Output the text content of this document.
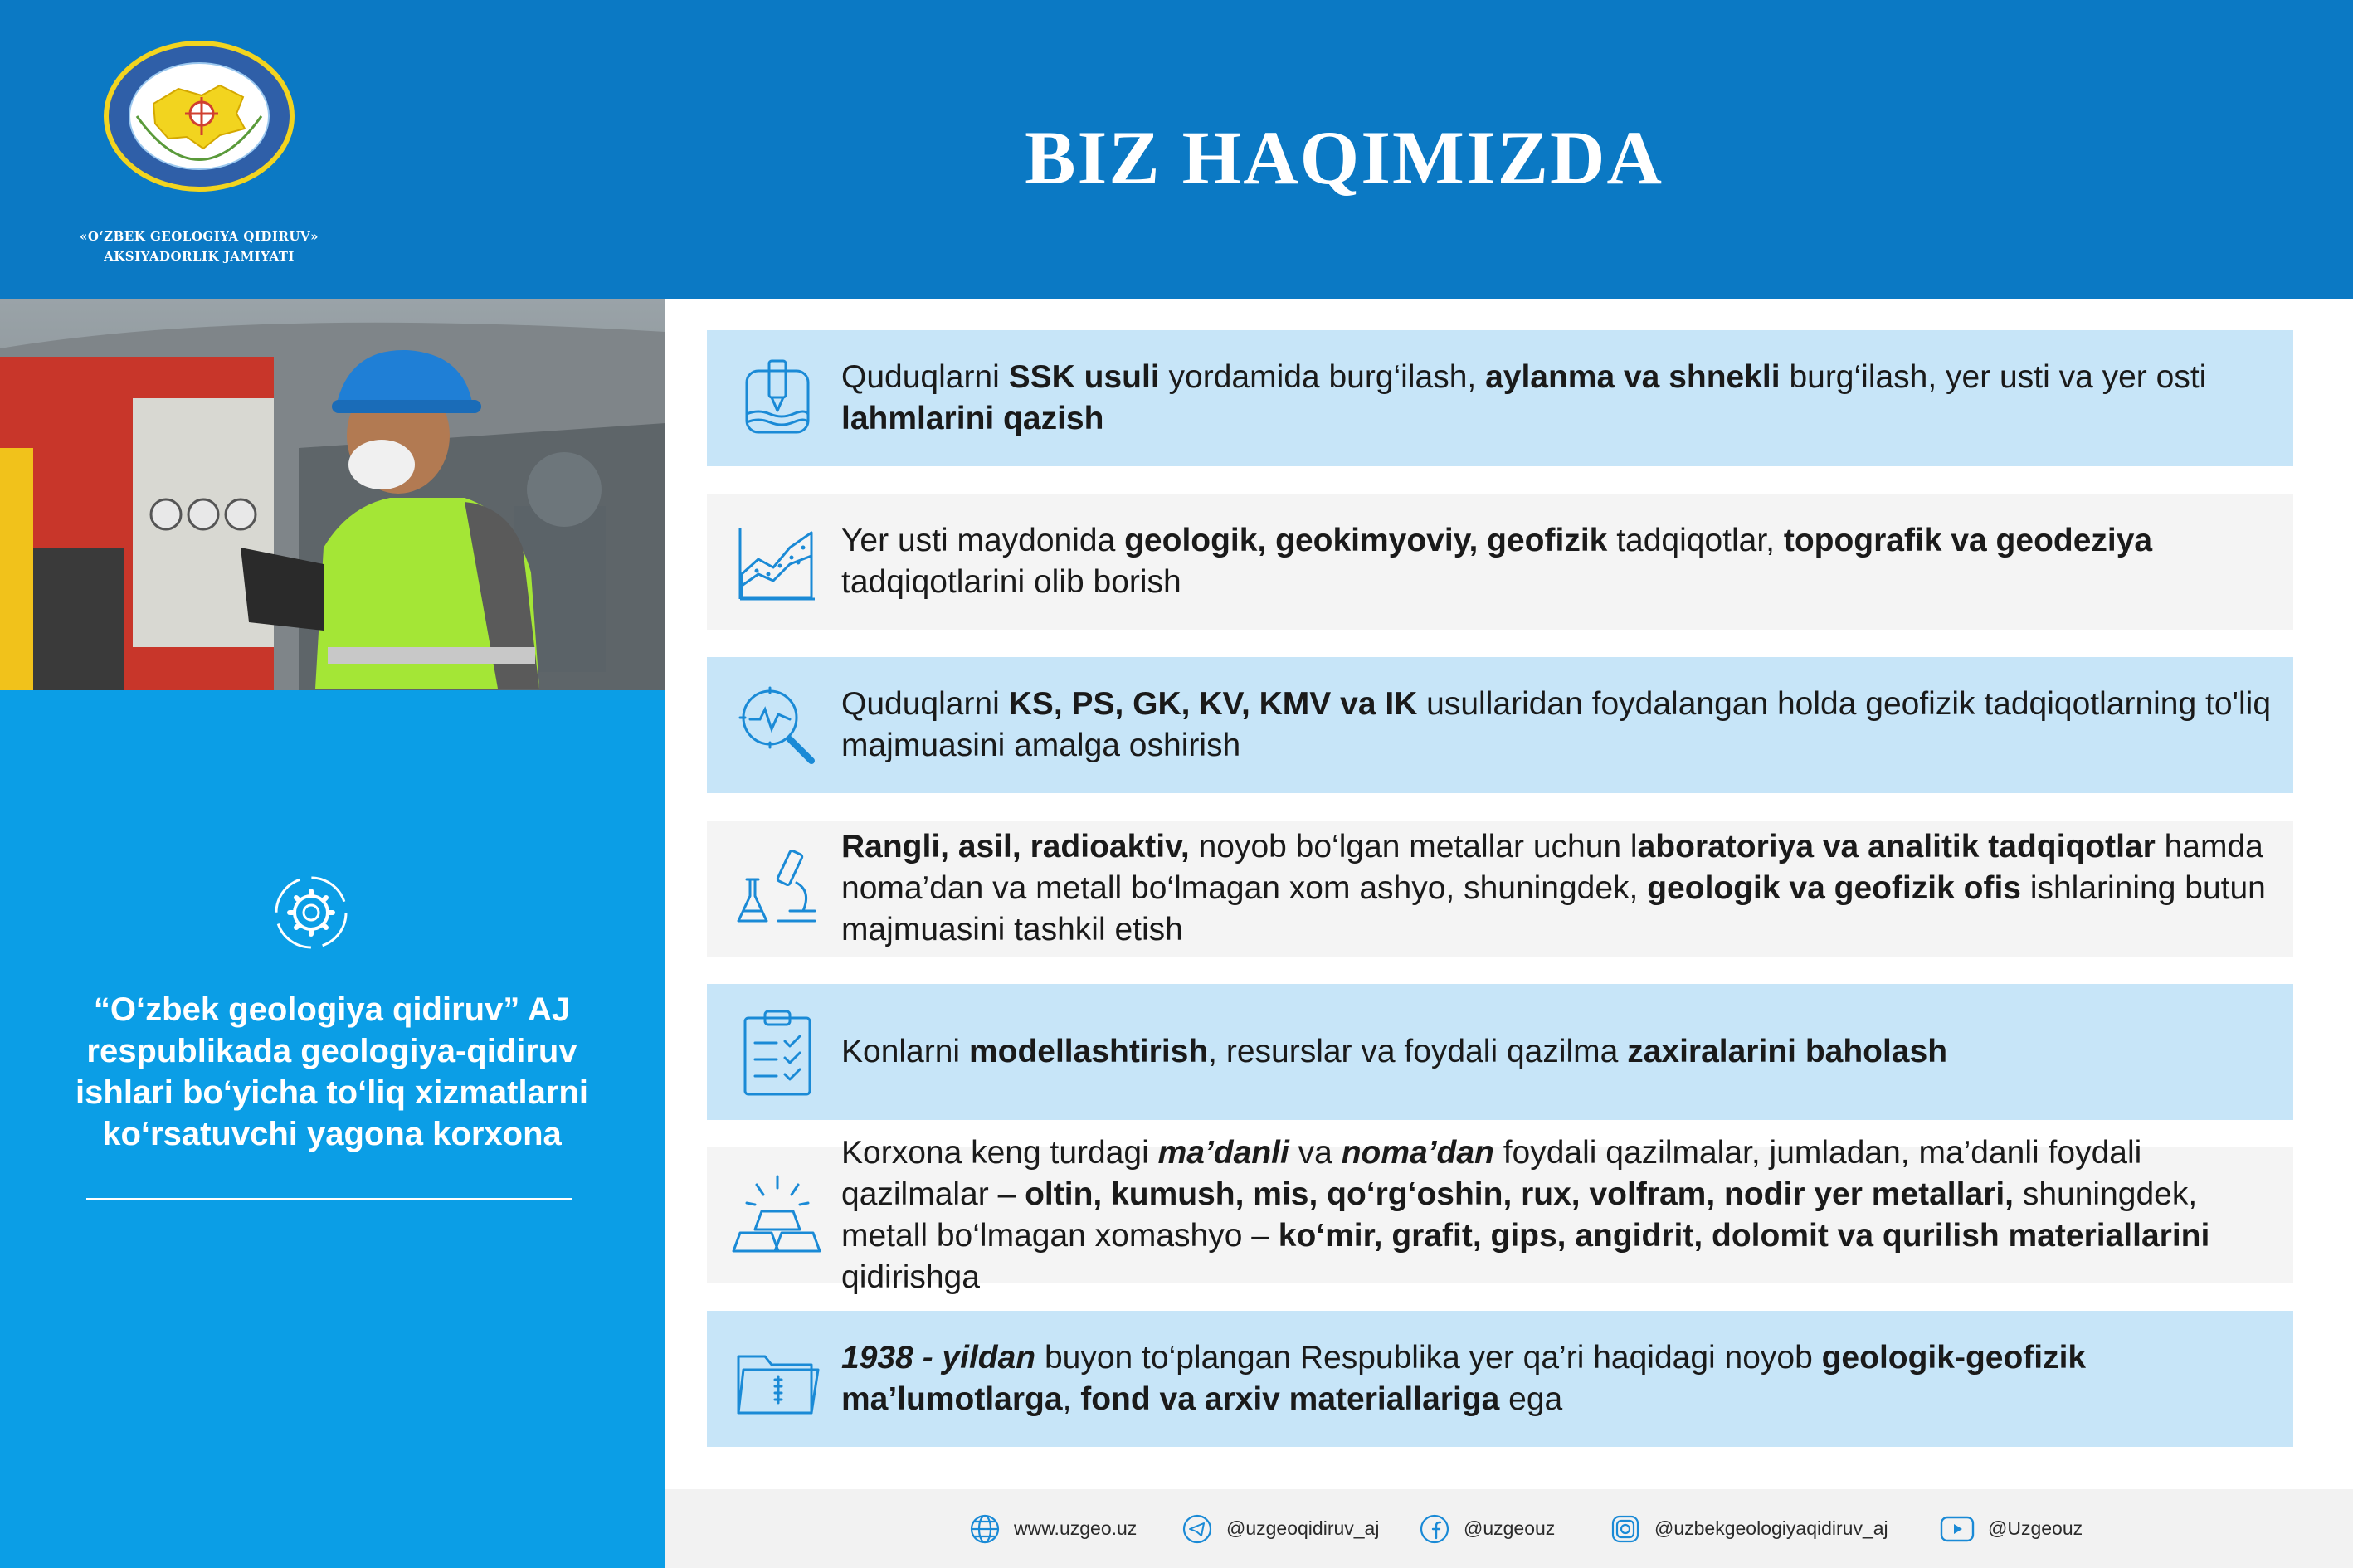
«O‘ZBEK GEOLOGIYA QIDIRUV»
AKSIYADORLIK JAMIYATI
BIZ HAQIMIZDA

“O‘zbek geologiya qidiruv” AJ respublikada geologiya-qidiruv ishlari bo‘yicha to‘liq xizmatlarni ko‘rsatuvchi yagona korxona

Quduqlarni SSK usuli yordamida burg‘ilash, aylanma va shnekli burg‘ilash, yer usti va yer osti lahmlarini qazish

Yer usti maydonida geologik, geokimyoviy, geofizik tadqiqotlar, topografik va geodeziya tadqiqotlarini olib borish

Quduqlarni KS, PS, GK, KV, KMV va IK usullaridan foydalangan holda geofizik tadqiqotlarning to'liq majmuasini amalga oshirish

Rangli, asil, radioaktiv, noyob bo‘lgan metallar uchun laboratoriya va analitik tadqiqotlar hamda noma’dan va metall bo‘lmagan xom ashyo, shuningdek, geologik va geofizik ofis ishlarining butun majmuasini tashkil etish

Konlarni modellashtirish, resurslar va foydali qazilma zaxiralarini baholash

Korxona keng turdagi ma’danli va noma’dan foydali qazilmalar, jumladan, ma’danli foydali qazilmalar – oltin, kumush, mis, qo‘rg‘oshin, rux, volfram, nodir yer metallari, shuningdek, metall bo‘lmagan xomashyo – ko‘mir, grafit, gips, angidrit, dolomit va qurilish materiallarini qidirishga

1938 - yildan buyon to‘plangan Respublika yer qa’ri haqidagi noyob geologik-geofizik ma’lumotlarga, fond va arxiv materiallariga ega

www.uzgeo.uz	@uzgeoqidiruv_aj	@uzgeouz	@uzbekgeologiyaqidiruv_aj	@Uzgeouz
